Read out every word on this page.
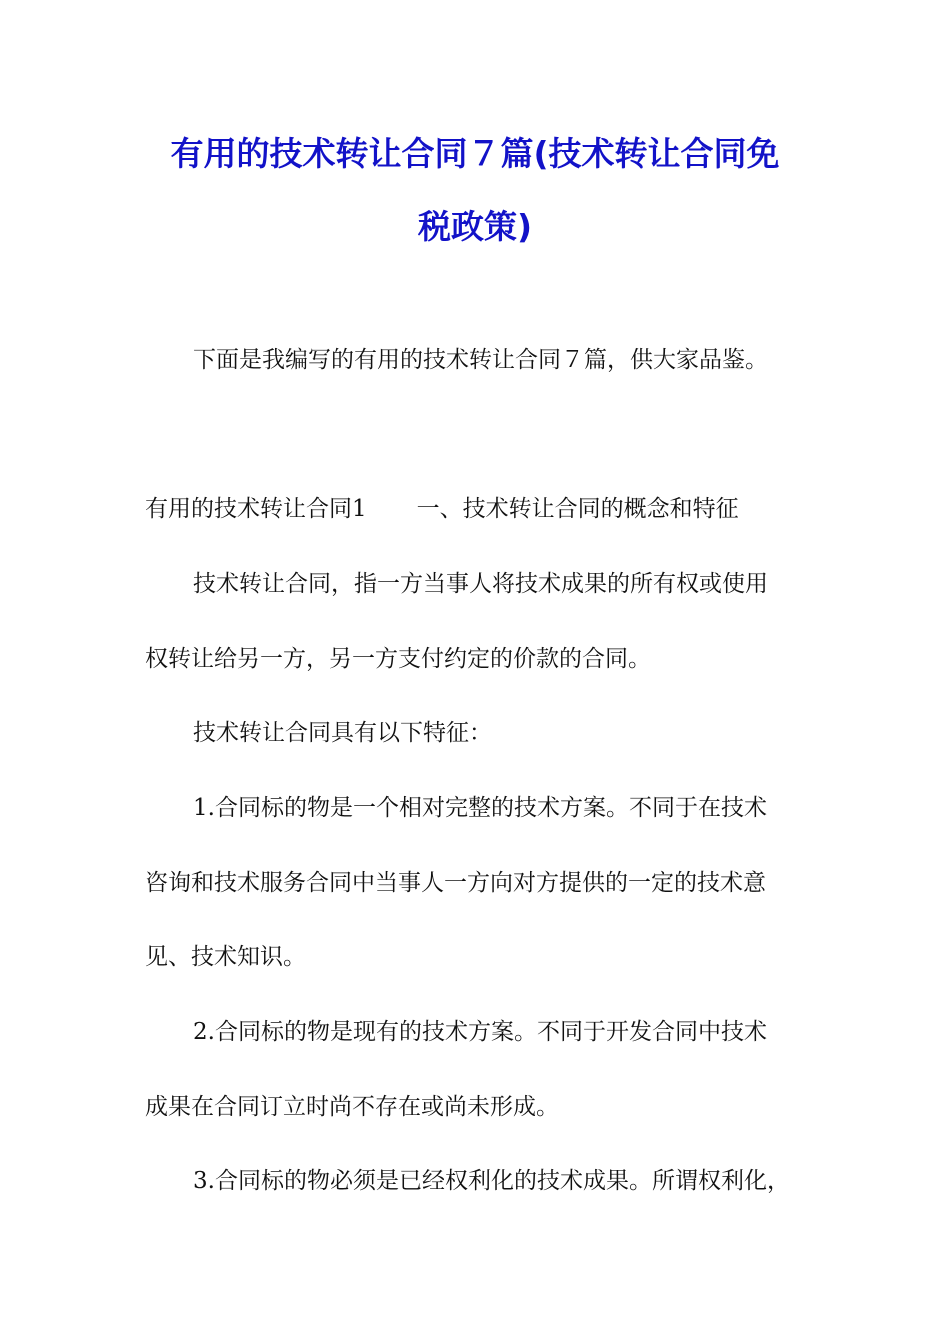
有用的技术转让合同７篇(技术转让合同免
税政策)
下面是我编写的有用的技术转让合同７篇，供大家品鉴。
有用的技术转让合同1 一、技术转让合同的概念和特征
技术转让合同，指一方当事人将技术成果的所有权或使用
权转让给另一方，另一方支付约定的价款的合同。
技术转让合同具有以下特征：
1.合同标的物是一个相对完整的技术方案。不同于在技术
咨询和技术服务合同中当事人一方向对方提供的一定的技术意
见、技术知识。
2.合同标的物是现有的技术方案。不同于开发合同中技术
成果在合同订立时尚不存在或尚未形成。
3.合同标的物必须是已经权利化的技术成果。所谓权利化，
